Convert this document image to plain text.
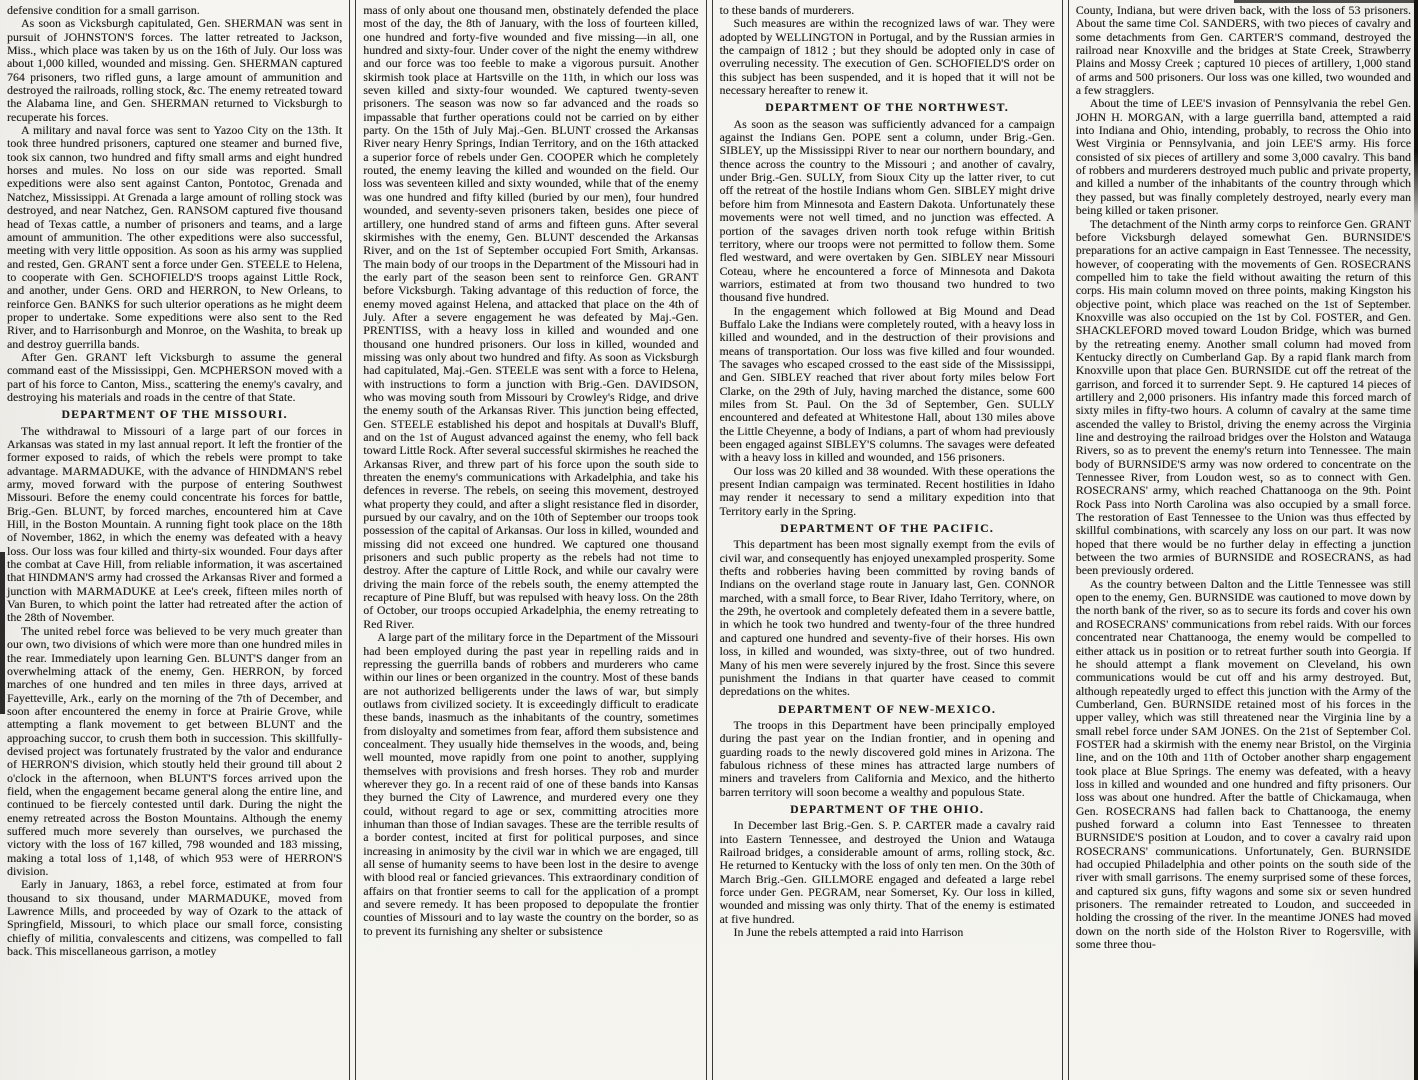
defensive condition for a small garrison.

As soon as Vicksburgh capitulated, Gen. SHERMAN was sent in pursuit of JOHNSTON'S forces. The latter retreated to Jackson, Miss., which place was taken by us on the 16th of July. Our loss was about 1,000 killed, wounded and missing. Gen. SHERMAN captured 764 prisoners, two rifled guns, a large amount of ammunition and destroyed the railroads, rolling stock, &c. The enemy retreated toward the Alabama line, and Gen. SHERMAN returned to Vicksburgh to recuperate his forces.

A military and naval force was sent to Yazoo City on the 13th. It took three hundred prisoners, captured one steamer and burned five, took six cannon, two hundred and fifty small arms and eight hundred horses and mules. No loss on our side was reported. Small expeditions were also sent against Canton, Pontotoc, Grenada and Natchez, Mississippi. At Grenada a large amount of rolling stock was destroyed, and near Natchez, Gen. RANSOM captured five thousand head of Texas cattle, a number of prisoners and teams, and a large amount of ammunition. The other expeditions were also successful, meeting with very little opposition. As soon as his army was supplied and rested, Gen. GRANT sent a force under Gen. STEELE to Helena, to cooperate with Gen. SCHOFIELD'S troops against Little Rock, and another, under Gens. ORD and HERRON, to New Orleans, to reinforce Gen. BANKS for such ulterior operations as he might deem proper to undertake. Some expeditions were also sent to the Red River, and to Harrisonburgh and Monroe, on the Washita, to break up and destroy guerrilla bands.

After Gen. GRANT left Vicksburgh to assume the general command east of the Mississippi, Gen. MCPHERSON moved with a part of his force to Canton, Miss., scattering the enemy's cavalry, and destroying his materials and roads in the centre of that State.

DEPARTMENT OF THE MISSOURI.

The withdrawal to Missouri of a large part of our forces in Arkansas was stated in my last annual report. It left the frontier of the former exposed to raids, of which the rebels were prompt to take advantage. MARMADUKE, with the advance of HINDMAN'S rebel army, moved forward with the purpose of entering Southwest Missouri. Before the enemy could concentrate his forces for battle, Brig.-Gen. BLUNT, by forced marches, encountered him at Cave Hill, in the Boston Mountain. A running fight took place on the 18th of November, 1862, in which the enemy was defeated with a heavy loss. Our loss was four killed and thirty-six wounded. Four days after the combat at Cave Hill, from reliable information, it was ascertained that HINDMAN'S army had crossed the Arkansas River and formed a junction with MARMADUKE at Lee's creek, fifteen miles north of Van Buren, to which point the latter had retreated after the action of the 28th of November.

The united rebel force was believed to be very much greater than our own, two divisions of which were more than one hundred miles in the rear. Immediately upon learning Gen. BLUNT'S danger from an overwhelming attack of the enemy, Gen. HERRON, by forced marches of one hundred and ten miles in three days, arrived at Fayetteville, Ark., early on the morning of the 7th of December, and soon after encountered the enemy in force at Prairie Grove, while attempting a flank movement to get between BLUNT and the approaching succor, to crush them both in succession. This skillfully-devised project was fortunately frustrated by the valor and endurance of HERRON'S division, which stoutly held their ground till about 2 o'clock in the afternoon, when BLUNT'S forces arrived upon the field, when the engagement became general along the entire line, and continued to be fiercely contested until dark. During the night the enemy retreated across the Boston Mountains. Although the enemy suffered much more severely than ourselves, we purchased the victory with the loss of 167 killed, 798 wounded and 183 missing, making a total loss of 1,148, of which 953 were of HERRON'S division.

Early in January, 1863, a rebel force, estimated at from four thousand to six thousand, under MARMADUKE, moved from Lawrence Mills, and proceeded by way of Ozark to the attack of Springfield, Missouri, to which place our small force, consisting chiefly of militia, convalescents and citizens, was compelled to fall back. This miscellaneous garrison, a motley

mass of only about one thousand men, obstinately defended the place most of the day, the 8th of January, with the loss of fourteen killed, one hundred and forty-five wounded and five missing—in all, one hundred and sixty-four. Under cover of the night the enemy withdrew and our force was too feeble to make a vigorous pursuit. Another skirmish took place at Hartsville on the 11th, in which our loss was seven killed and sixty-four wounded. We captured twenty-seven prisoners. The season was now so far advanced and the roads so impassable that further operations could not be carried on by either party. On the 15th of July Maj.-Gen. BLUNT crossed the Arkansas River neary Henry Springs, Indian Territory, and on the 16th attacked a superior force of rebels under Gen. COOPER which he completely routed, the enemy leaving the killed and wounded on the field. Our loss was seventeen killed and sixty wounded, while that of the enemy was one hundred and fifty killed (buried by our men), four hundred wounded, and seventy-seven prisoners taken, besides one piece of artillery, one hundred stand of arms and fifteen guns. After several skirmishes with the enemy, Gen. BLUNT descended the Arkansas River, and on the 1st of September occupied Fort Smith, Arkansas. The main body of our troops in the Department of the Missouri had in the early part of the season been sent to reinforce Gen. GRANT before Vicksburgh. Taking advantage of this reduction of force, the enemy moved against Helena, and attacked that place on the 4th of July. After a severe engagement he was defeated by Maj.-Gen. PRENTISS, with a heavy loss in killed and wounded and one thousand one hundred prisoners. Our loss in killed, wounded and missing was only about two hundred and fifty. As soon as Vicksburgh had capitulated, Maj.-Gen. STEELE was sent with a force to Helena, with instructions to form a junction with Brig.-Gen. DAVIDSON, who was moving south from Missouri by Crowley's Ridge, and drive the enemy south of the Arkansas River. This junction being effected, Gen. STEELE established his depot and hospitals at Duvall's Bluff, and on the 1st of August advanced against the enemy, who fell back toward Little Rock. After several successful skirmishes he reached the Arkansas River, and threw part of his force upon the south side to threaten the enemy's communications with Arkadelphia, and take his defences in reverse. The rebels, on seeing this movement, destroyed what property they could, and after a slight resistance fled in disorder, pursued by our cavalry, and on the 10th of September our troops took possession of the capital of Arkansas. Our loss in killed, wounded and missing did not exceed one hundred. We captured one thousand prisoners and such public property as the rebels had not time to destroy. After the capture of Little Rock, and while our cavalry were driving the main force of the rebels south, the enemy attempted the recapture of Pine Bluff, but was repulsed with heavy loss. On the 28th of October, our troops occupied Arkadelphia, the enemy retreating to Red River.

A large part of the military force in the Department of the Missouri had been employed during the past year in repelling raids and in repressing the guerrilla bands of robbers and murderers who came within our lines or been organized in the country. Most of these bands are not authorized belligerents under the laws of war, but simply outlaws from civilized society. It is exceedingly difficult to eradicate these bands, inasmuch as the inhabitants of the country, sometimes from disloyalty and sometimes from fear, afford them subsistence and concealment. They usually hide themselves in the woods, and, being well mounted, move rapidly from one point to another, supplying themselves with provisions and fresh horses. They rob and murder wherever they go. In a recent raid of one of these bands into Kansas they burned the City of Lawrence, and murdered every one they could, without regard to age or sex, committing atrocities more inhuman than those of Indian savages. These are the terrible results of a border contest, incited at first for political purposes, and since increasing in animosity by the civil war in which we are engaged, till all sense of humanity seems to have been lost in the desire to avenge with blood real or fancied grievances. This extraordinary condition of affairs on that frontier seems to call for the application of a prompt and severe remedy. It has been proposed to depopulate the frontier counties of Missouri and to lay waste the country on the border, so as to prevent its furnishing any shelter or subsistence

to these bands of murderers.

Such measures are within the recognized laws of war. They were adopted by WELLINGTON in Portugal, and by the Russian armies in the campaign of 1812 ; but they should be adopted only in case of overruling necessity. The execution of Gen. SCHOFIELD'S order on this subject has been suspended, and it is hoped that it will not be necessary hereafter to renew it.

DEPARTMENT OF THE NORTHWEST.

As soon as the season was sufficiently advanced for a campaign against the Indians Gen. POPE sent a column, under Brig.-Gen. SIBLEY, up the Mississippi River to near our northern boundary, and thence across the country to the Missouri ; and another of cavalry, under Brig.-Gen. SULLY, from Sioux City up the latter river, to cut off the retreat of the hostile Indians whom Gen. SIBLEY might drive before him from Minnesota and Eastern Dakota. Unfortunately these movements were not well timed, and no junction was effected. A portion of the savages driven north took refuge within British territory, where our troops were not permitted to follow them. Some fled westward, and were overtaken by Gen. SIBLEY near Missouri Coteau, where he encountered a force of Minnesota and Dakota warriors, estimated at from two thousand two hundred to two thousand five hundred.

In the engagement which followed at Big Mound and Dead Buffalo Lake the Indians were completely routed, with a heavy loss in killed and wounded, and in the destruction of their provisions and means of transportation. Our loss was five killed and four wounded. The savages who escaped crossed to the east side of the Mississippi, and Gen. SIBLEY reached that river about forty miles below Fort Clarke, on the 29th of July, having marched the distance, some 600 miles from St. Paul. On the 3d of September, Gen. SULLY encountered and defeated at Whitestone Hall, about 130 miles above the Little Cheyenne, a body of Indians, a part of whom had previously been engaged against SIBLEY'S columns. The savages were defeated with a heavy loss in killed and wounded, and 156 prisoners.

Our loss was 20 killed and 38 wounded. With these operations the present Indian campaign was terminated. Recent hostilities in Idaho may render it necessary to send a military expedition into that Territory early in the Spring.

DEPARTMENT OF THE PACIFIC.

This department has been most signally exempt from the evils of civil war, and consequently has enjoyed unexampled prosperity. Some thefts and robberies having been committed by roving bands of Indians on the overland stage route in January last, Gen. CONNOR marched, with a small force, to Bear River, Idaho Territory, where, on the 29th, he overtook and completely defeated them in a severe battle, in which he took two hundred and twenty-four of the three hundred and captured one hundred and seventy-five of their horses. His own loss, in killed and wounded, was sixty-three, out of two hundred. Many of his men were severely injured by the frost. Since this severe punishment the Indians in that quarter have ceased to commit depredations on the whites.

DEPARTMENT OF NEW-MEXICO.

The troops in this Department have been principally employed during the past year on the Indian frontier, and in opening and guarding roads to the newly discovered gold mines in Arizona. The fabulous richness of these mines has attracted large numbers of miners and travelers from California and Mexico, and the hitherto barren territory will soon become a wealthy and populous State.

DEPARTMENT OF THE OHIO.

In December last Brig.-Gen. S. P. CARTER made a cavalry raid into Eastern Tennessee, and destroyed the Union and Watauga Railroad bridges, a considerable amount of arms, rolling stock, &c. He returned to Kentucky with the loss of only ten men. On the 30th of March Brig.-Gen. GILLMORE engaged and defeated a large rebel force under Gen. PEGRAM, near Somerset, Ky. Our loss in killed, wounded and missing was only thirty. That of the enemy is estimated at five hundred.

In June the rebels attempted a raid into Harrison

County, Indiana, but were driven back, with the loss of 53 prisoners. About the same time Col. SANDERS, with two pieces of cavalry and some detachments from Gen. CARTER'S command, destroyed the railroad near Knoxville and the bridges at State Creek, Strawberry Plains and Mossy Creek ; captured 10 pieces of artillery, 1,000 stand of arms and 500 prisoners. Our loss was one killed, two wounded and a few stragglers.

About the time of LEE'S invasion of Pennsylvania the rebel Gen. JOHN H. MORGAN, with a large guerrilla band, attempted a raid into Indiana and Ohio, intending, probably, to recross the Ohio into West Virginia or Pennsylvania, and join LEE'S army. His force consisted of six pieces of artillery and some 3,000 cavalry. This band of robbers and murderers destroyed much public and private property, and killed a number of the inhabitants of the country through which they passed, but was finally completely destroyed, nearly every man being killed or taken prisoner.

The detachment of the Ninth army corps to reinforce Gen. GRANT before Vicksburgh delayed somewhat Gen. BURNSIDE'S preparations for an active campaign in East Tennessee. The necessity, however, of cooperating with the movements of Gen. ROSECRANS compelled him to take the field without awaiting the return of this corps. His main column moved on three points, making Kingston his objective point, which place was reached on the 1st of September. Knoxville was also occupied on the 1st by Col. FOSTER, and Gen. SHACKLEFORD moved toward Loudon Bridge, which was burned by the retreating enemy. Another small column had moved from Kentucky directly on Cumberland Gap. By a rapid flank march from Knoxville upon that place Gen. BURNSIDE cut off the retreat of the garrison, and forced it to surrender Sept. 9. He captured 14 pieces of artillery and 2,000 prisoners. His infantry made this forced march of sixty miles in fifty-two hours. A column of cavalry at the same time ascended the valley to Bristol, driving the enemy across the Virginia line and destroying the railroad bridges over the Holston and Watauga Rivers, so as to prevent the enemy's return into Tennessee. The main body of BURNSIDE'S army was now ordered to concentrate on the Tennessee River, from Loudon west, so as to connect with Gen. ROSECRANS' army, which reached Chattanooga on the 9th. Point Rock Pass into North Carolina was also occupied by a small force. The restoration of East Tennessee to the Union was thus effected by skillful combinations, with scarcely any loss on our part. It was now hoped that there would be no further delay in effecting a junction between the two armies of BURNSIDE and ROSECRANS, as had been previously ordered.

As the country between Dalton and the Little Tennessee was still open to the enemy, Gen. BURNSIDE was cautioned to move down by the north bank of the river, so as to secure its fords and cover his own and ROSECRANS' communications from rebel raids. With our forces concentrated near Chattanooga, the enemy would be compelled to either attack us in position or to retreat further south into Georgia. If he should attempt a flank movement on Cleveland, his own communications would be cut off and his army destroyed. But, although repeatedly urged to effect this junction with the Army of the Cumberland, Gen. BURNSIDE retained most of his forces in the upper valley, which was still threatened near the Virginia line by a small rebel force under SAM JONES. On the 21st of September Col. FOSTER had a skirmish with the enemy near Bristol, on the Virginia line, and on the 10th and 11th of October another sharp engagement took place at Blue Springs. The enemy was defeated, with a heavy loss in killed and wounded and one hundred and fifty prisoners. Our loss was about one hundred. After the battle of Chickamauga, when Gen. ROSECRANS had fallen back to Chattanooga, the enemy pushed forward a column into East Tennessee to threaten BURNSIDE'S position at Loudon, and to cover a cavalry raid upon ROSECRANS' communications. Unfortunately, Gen. BURNSIDE had occupied Philadelphia and other points on the south side of the river with small garrisons. The enemy surprised some of these forces, and captured six guns, fifty wagons and some six or seven hundred prisoners. The remainder retreated to Loudon, and succeeded in holding the crossing of the river. In the meantime JONES had moved down on the north side of the Holston River to Rogersville, with some three thou-
